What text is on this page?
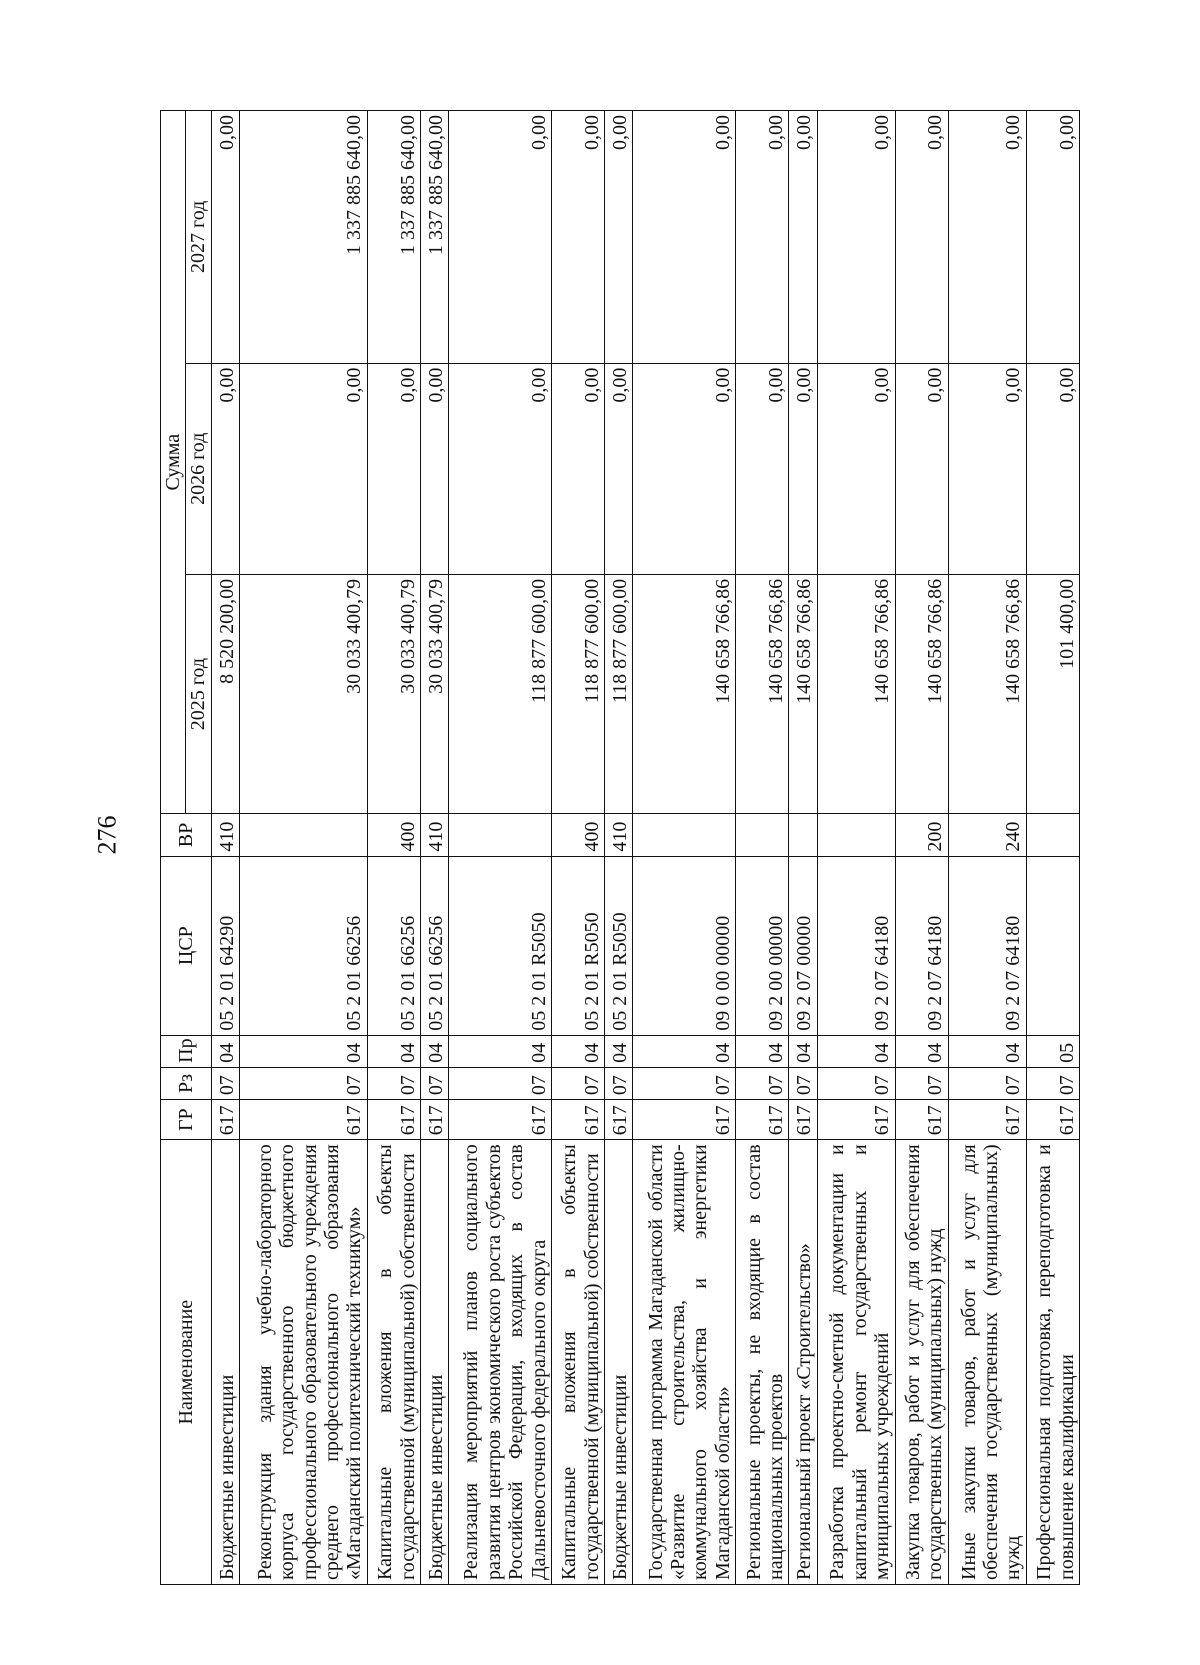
276
Наименование	ГР	Рз	Пр	ЦСР	ВР	Сумма		
						2025 год	2026 год	2027 год
Бюджетные инвестиции	617	07	04	05 2 01 64290	410	8 520 200,00	0,00	0,00
Реконструкция здания учебно-лабораторного корпуса государственного бюджетного профессионального образовательного учреждения среднего профессионального образования «Магаданский политехнический техникум»	617	07	04	05 2 01 66256		30 033 400,79	0,00	1 337 885 640,00
Капитальные вложения в объекты государственной (муниципальной) собственности	617	07	04	05 2 01 66256	400	30 033 400,79	0,00	1 337 885 640,00
Бюджетные инвестиции	617	07	04	05 2 01 66256	410	30 033 400,79	0,00	1 337 885 640,00
Реализация мероприятий планов социального развития центров экономического роста субъектов Российской Федерации, входящих в состав Дальневосточного федерального округа	617	07	04	05 2 01 R5050		118 877 600,00	0,00	0,00
Капитальные вложения в объекты государственной (муниципальной) собственности	617	07	04	05 2 01 R5050	400	118 877 600,00	0,00	0,00
Бюджетные инвестиции	617	07	04	05 2 01 R5050	410	118 877 600,00	0,00	0,00
Государственная программа Магаданской области «Развитие строительства, жилищно-коммунального хозяйства и энергетики Магаданской области»	617	07	04	09 0 00 00000		140 658 766,86	0,00	0,00
Региональные проекты, не входящие в состав национальных проектов	617	07	04	09 2 00 00000		140 658 766,86	0,00	0,00
Региональный проект «Строительство»	617	07	04	09 2 07 00000		140 658 766,86	0,00	0,00
Разработка проектно-сметной документации и капитальный ремонт государственных и муниципальных учреждений	617	07	04	09 2 07 64180		140 658 766,86	0,00	0,00
Закупка товаров, работ и услуг для обеспечения государственных (муниципальных) нужд	617	07	04	09 2 07 64180	200	140 658 766,86	0,00	0,00
Иные закупки товаров, работ и услуг для обеспечения государственных (муниципальных) нужд	617	07	04	09 2 07 64180	240	140 658 766,86	0,00	0,00
Профессиональная подготовка, переподготовка и повышение квалификации	617	07	05			101 400,00	0,00	0,00
